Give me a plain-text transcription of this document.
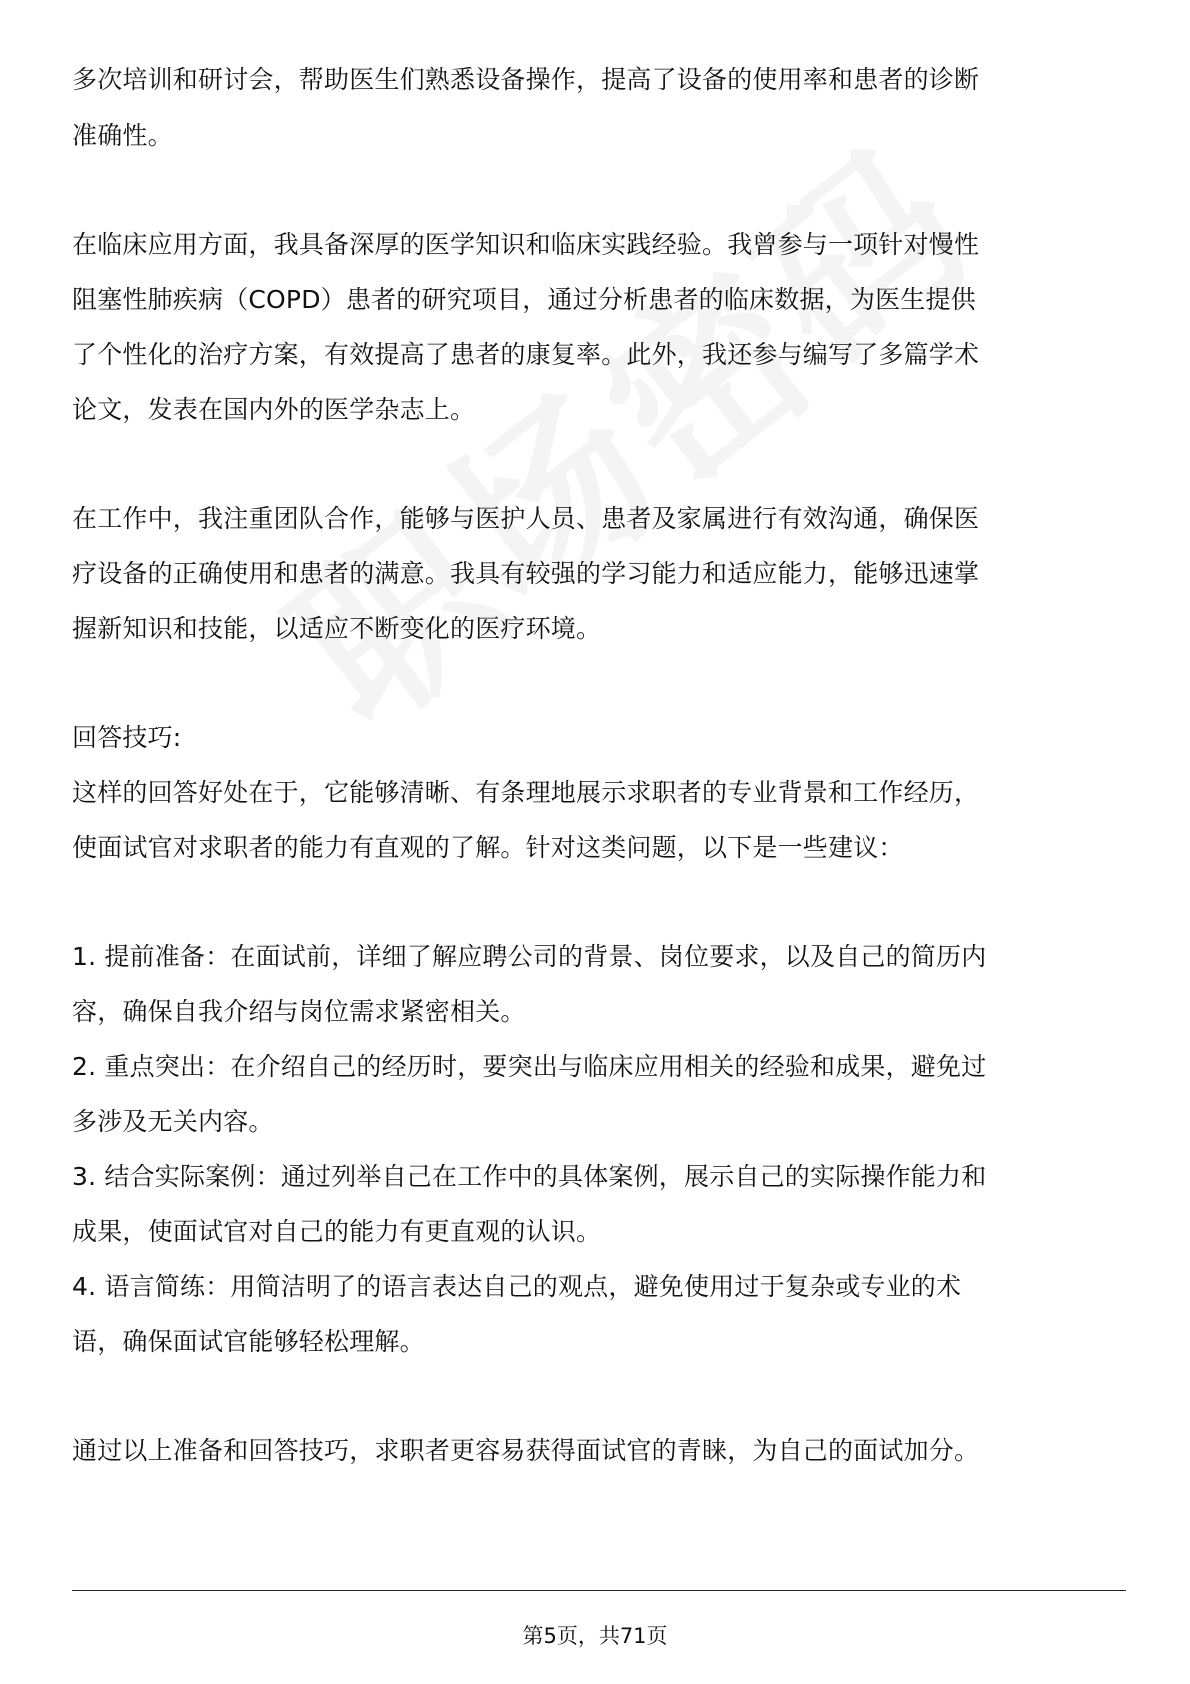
多次培训和研讨会，帮助医生们熟悉设备操作，提高了设备的使用率和患者的诊断
准确性。
在临床应用方面，我具备深厚的医学知识和临床实践经验。我曾参与一项针对慢性
阻塞性肺疾病（COPD）患者的研究项目，通过分析患者的临床数据，为医生提供
了个性化的治疗方案，有效提高了患者的康复率。此外，我还参与编写了多篇学术
论文，发表在国内外的医学杂志上。
在工作中，我注重团队合作，能够与医护人员、患者及家属进行有效沟通，确保医
疗设备的正确使用和患者的满意。我具有较强的学习能力和适应能力，能够迅速掌
握新知识和技能，以适应不断变化的医疗环境。
回答技巧:
这样的回答好处在于，它能够清晰、有条理地展示求职者的专业背景和工作经历，
使面试官对求职者的能力有直观的了解。针对这类问题，以下是一些建议：
1. 提前准备：在面试前，详细了解应聘公司的背景、岗位要求，以及自己的简历内
容，确保自我介绍与岗位需求紧密相关。
2. 重点突出：在介绍自己的经历时，要突出与临床应用相关的经验和成果，避免过
多涉及无关内容。
3. 结合实际案例：通过列举自己在工作中的具体案例，展示自己的实际操作能力和
成果，使面试官对自己的能力有更直观的认识。
4. 语言简练：用简洁明了的语言表达自己的观点，避免使用过于复杂或专业的术
语，确保面试官能够轻松理解。
通过以上准备和回答技巧，求职者更容易获得面试官的青睐，为自己的面试加分。
第5页，共71页
